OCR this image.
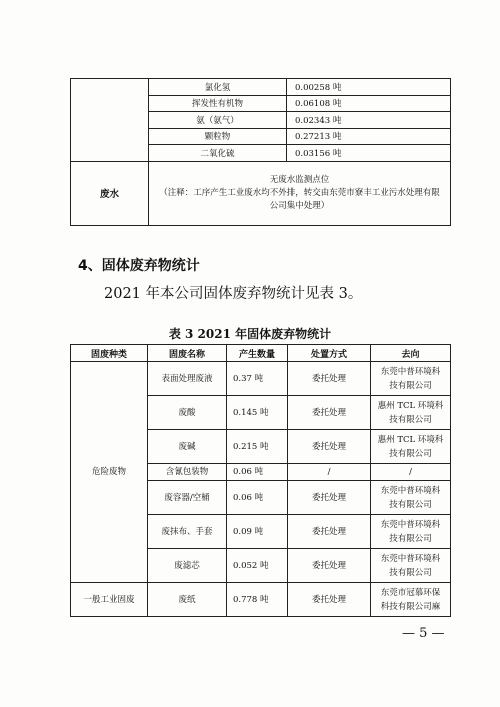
	氯化氢	0.00258 吨
	挥发性有机物	0.06108 吨
	氨（氨气）	0.02343 吨
	颗粒物	0.27213 吨
	二氧化硫	0.03156 吨
废水	无废水监测点位
（注释：工序产生工业废水均不外排，转交由东莞市寮丰工业污水处理有限
公司集中处理）	
4、固体废弃物统计

2021 年本公司固体废弃物统计见表 3。

表 3 2021 年固体废弃物统计

固废种类	固废名称	产生数量	处置方式	去向
危险废物	表面处理废液	0.37 吨	委托处理	东莞中普环境科
技有限公司
	废酸	0.145 吨	委托处理	惠州 TCL 环境科
技有限公司
	废碱	0.215 吨	委托处理	惠州 TCL 环境科
技有限公司
	含氰包装物	0.06 吨	/	/
	废容器/空桶	0.06 吨	委托处理	东莞中普环境科
技有限公司
	废抹布、手套	0.09 吨	委托处理	东莞中普环境科
技有限公司
	废滤芯	0.052 吨	委托处理	东莞中普环境科
技有限公司
一般工业固废	废纸	0.778 吨	委托处理	东莞市冠慕环保
科技有限公司麻

— 5 —
